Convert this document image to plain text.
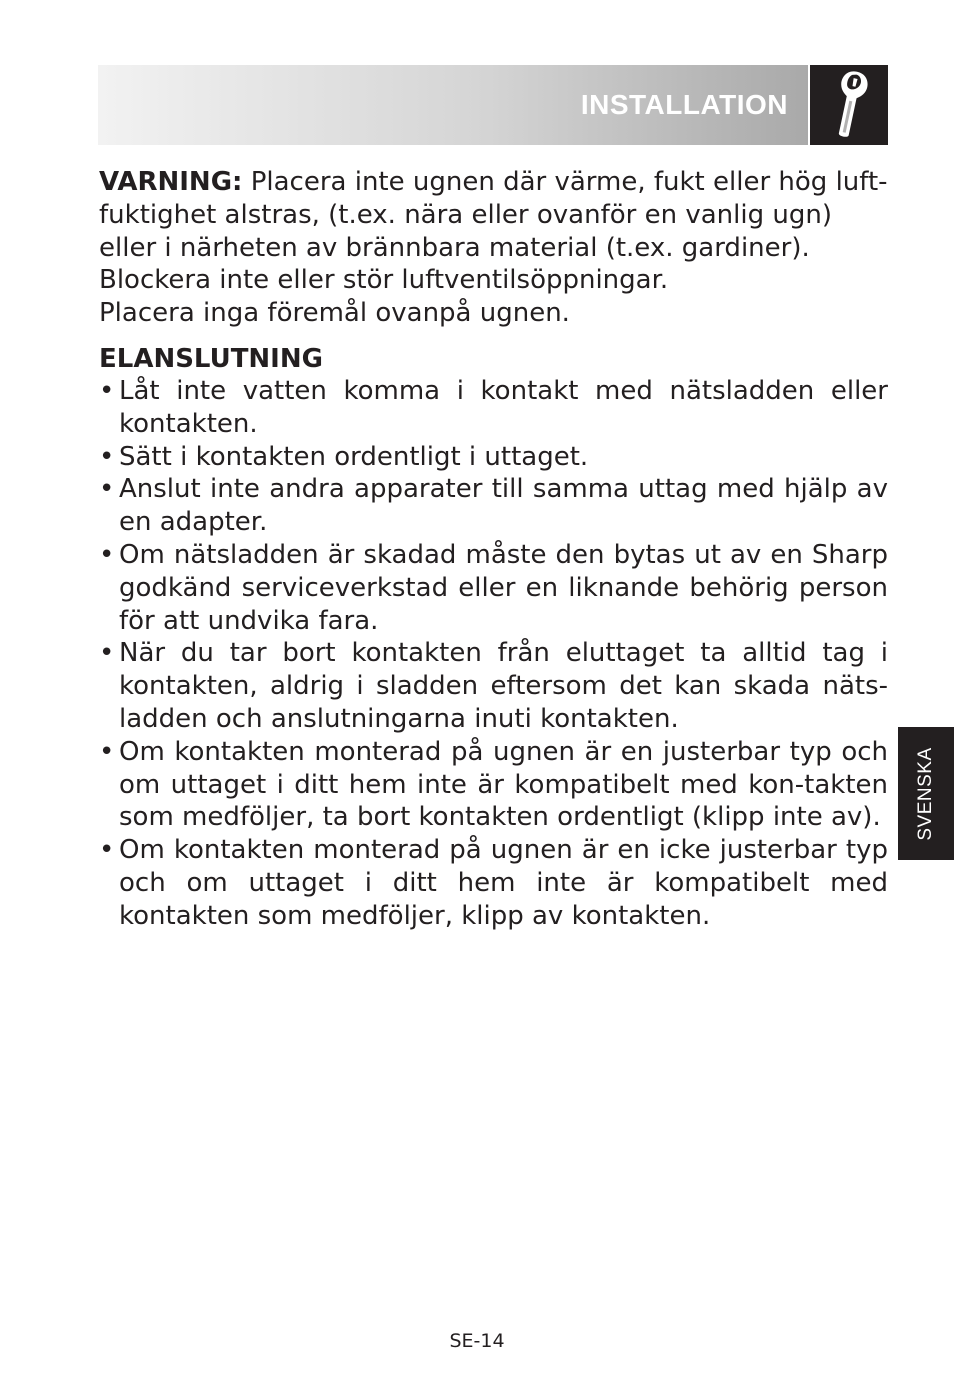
INSTALLATION

VARNING: Placera inte ugnen där värme, fukt eller hög luft-fuktighet alstras, (t.ex. nära eller ovanför en vanlig ugn) eller i närheten av brännbara material (t.ex. gardiner).

Blockera inte eller stör luftventilsöppningar.

Placera inga föremål ovanpå ugnen.

ELANSLUTNING
• Låt inte vatten komma i kontakt med nätsladden eller kontakten.
• Sätt i kontakten ordentligt i uttaget.
• Anslut inte andra apparater till samma uttag med hjälp av en adapter.
• Om nätsladden är skadad måste den bytas ut av en Sharp godkänd serviceverkstad eller en liknande behörig person för att undvika fara.
• När du tar bort kontakten från eluttaget ta alltid tag i kontakten, aldrig i sladden eftersom det kan skada näts-ladden och anslutningarna inuti kontakten.
• Om kontakten monterad på ugnen är en justerbar typ och om uttaget i ditt hem inte är kompatibelt med kon-takten som medföljer, ta bort kontakten ordentligt (klipp inte av).
• Om kontakten monterad på ugnen är en icke justerbar typ och om uttaget i ditt hem inte är kompatibelt med kontakten som medföljer, klipp av kontakten.
SVENSKA
SE-14
